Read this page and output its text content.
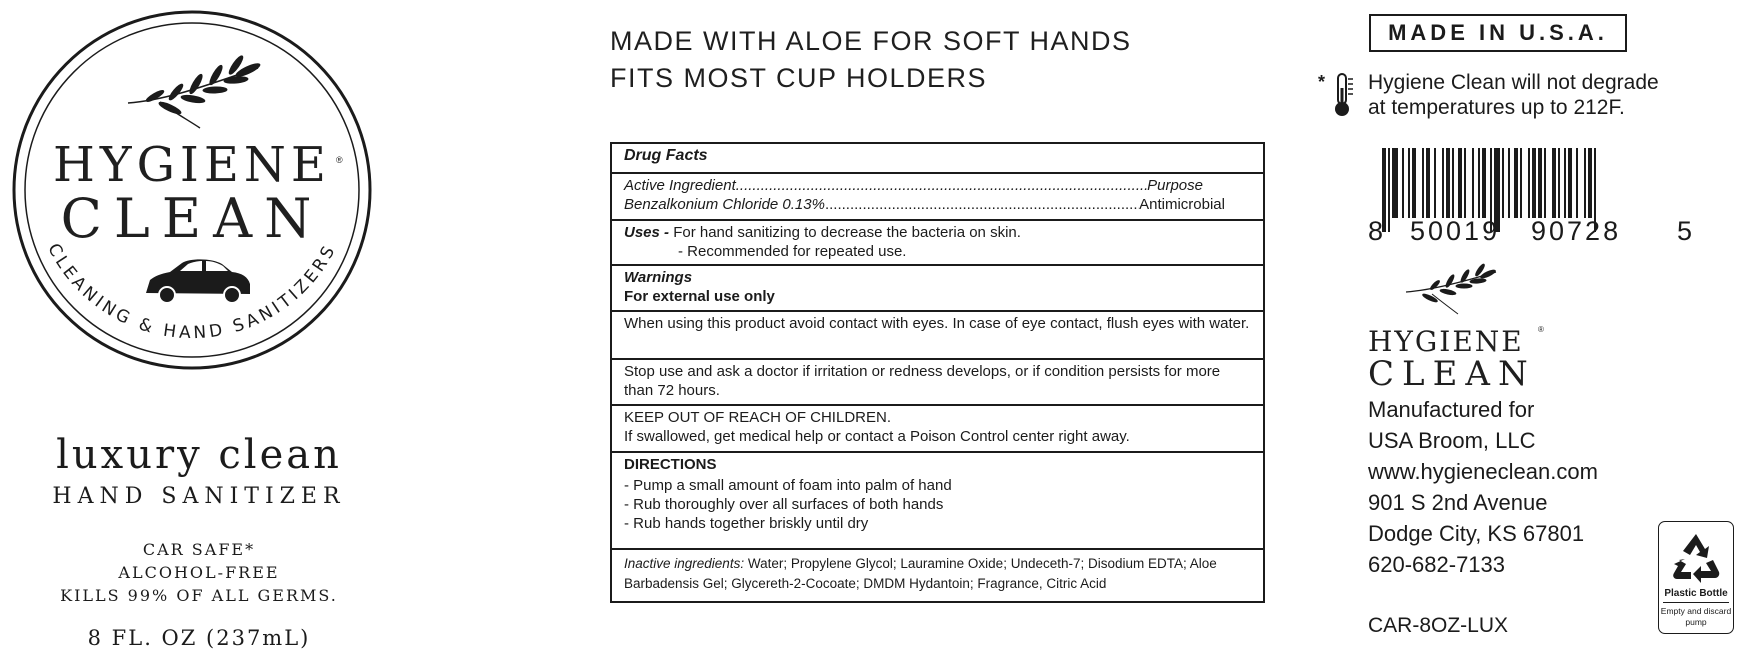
CLEANING & HAND SANITIZERS
HYGIENE
CLEAN
®
luxury clean
HAND SANITIZER
CAR SAFE*
ALCOHOL-FREE
KILLS 99% OF ALL GERMS.
8 FL. OZ (237mL)
MADE WITH ALOE FOR SOFT HANDS
FITS MOST CUP HOLDERS
Drug Facts
Active Ingredient .....	Purpose
Benzalkonium Chloride 0.13% .....	Antimicrobial
Uses - For hand sanitizing to decrease the bacteria on skin.
- Recommended for repeated use.
Warnings
For external use only
When using this product avoid contact with eyes. In case of eye contact, flush eyes with water.
Stop use and ask a doctor if irritation or redness develops, or if condition persists for more than 72 hours.
KEEP OUT OF REACH OF CHILDREN.
If swallowed, get medical help or contact a Poison Control center right away.
DIRECTIONS
- Pump a small amount of foam into palm of hand
- Rub thoroughly over all surfaces of both hands
- Rub hands together briskly until dry
Inactive ingredients: Water; Propylene Glycol; Lauramine Oxide; Undeceth-7; Disodium EDTA; Aloe Barbadensis Gel; Glycereth-2-Cocoate; DMDM Hydantoin; Fragrance, Citric Acid
MADE IN U.S.A.
* Hygiene Clean will not degrade at temperatures up to 212F.
8 50019 90728 5
HYGIENE
CLEAN
®
Manufactured for
USA Broom, LLC
www.hygieneclean.com
901 S 2nd Avenue
Dodge City, KS 67801
620-682-7133
CAR-8OZ-LUX
Plastic Bottle
Empty and discard pump
